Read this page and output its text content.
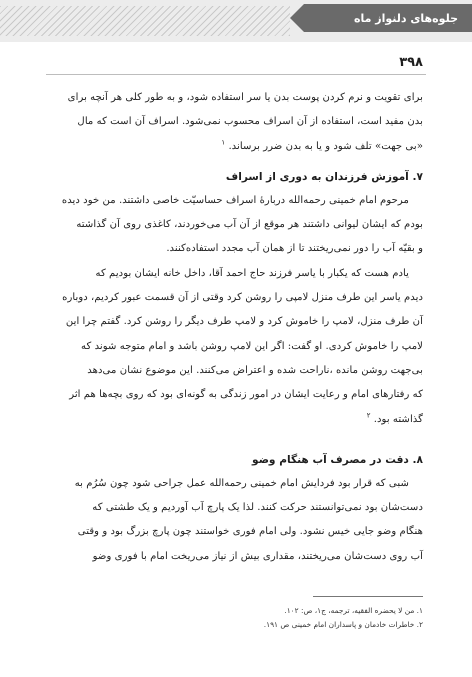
جلوه‌های دلنواز ماه
۳۹۸

برای تقویت و نرم کردن پوست بدن یا سر استفاده شود، و به طور کلی هر آنچه برای
بدن مفید است، استفاده از آن اسراف محسوب نمی‌شود. اسراف آن است که مال
«بی جهت» تلف شود و یا به بدن ضرر برساند. $^۱$

۷. آموزش فرزندان به دوری از اسراف

مرحوم امام خمینی رحمه‌الله دربارهٔ اسراف حساسیّت خاصی داشتند. من خود دیده
بودم که ایشان لیوانی داشتند هر موقع از آن آب می‌خوردند، کاغذی روی آن گذاشته
و بقیّه آب را دور نمی‌ریختند تا از همان آب مجدد استفاده‌کنند.

یادم هست که یکبار با یاسر فرزند حاج احمد آقا، داخل خانه ایشان بودیم که
دیدم یاسر این طرف منزل لامپی را روشن کرد وقتی از آن قسمت عبور کردیم، دوباره
آن طرف منزل، لامپ را خاموش کرد و لامپ طرف دیگر را روشن کرد. گفتم چرا این
لامپ را خاموش کردی. او گفت: اگر این لامپ روشن باشد و امام متوجه شوند که
بی‌جهت روشن مانده ،ناراحت شده و اعتراض می‌کنند. این موضوع نشان می‌دهد
که رفتارهای امام و رعایت ایشان در امور زندگی به گونه‌ای بود که روی بچه‌ها هم اثر
گذاشته بود. $^۲$

۸. دقت در مصرف آب هنگام وضو

شبی که قرار بود فردایش امام خمینی رحمه‌الله عمل جراحی شود چون سُرُم به
دست‌شان بود نمی‌توانستند حرکت کنند. لذا یک پارچ آب آوردیم و یک طشتی که
هنگام وضو جایی خیس نشود. ولی امام فوری خواستند چون پارچ بزرگ بود و وقتی
آب روی دست‌شان می‌ریختند، مقداری بیش از نیاز می‌ریخت امام با فوری وضو

۱. من لا یحضره الفقیه، ترجمه، ج۱، ص: ۱۰۲.

۲. خاطرات خادمان و پاسداران امام خمینی ص ۱۹۱.
